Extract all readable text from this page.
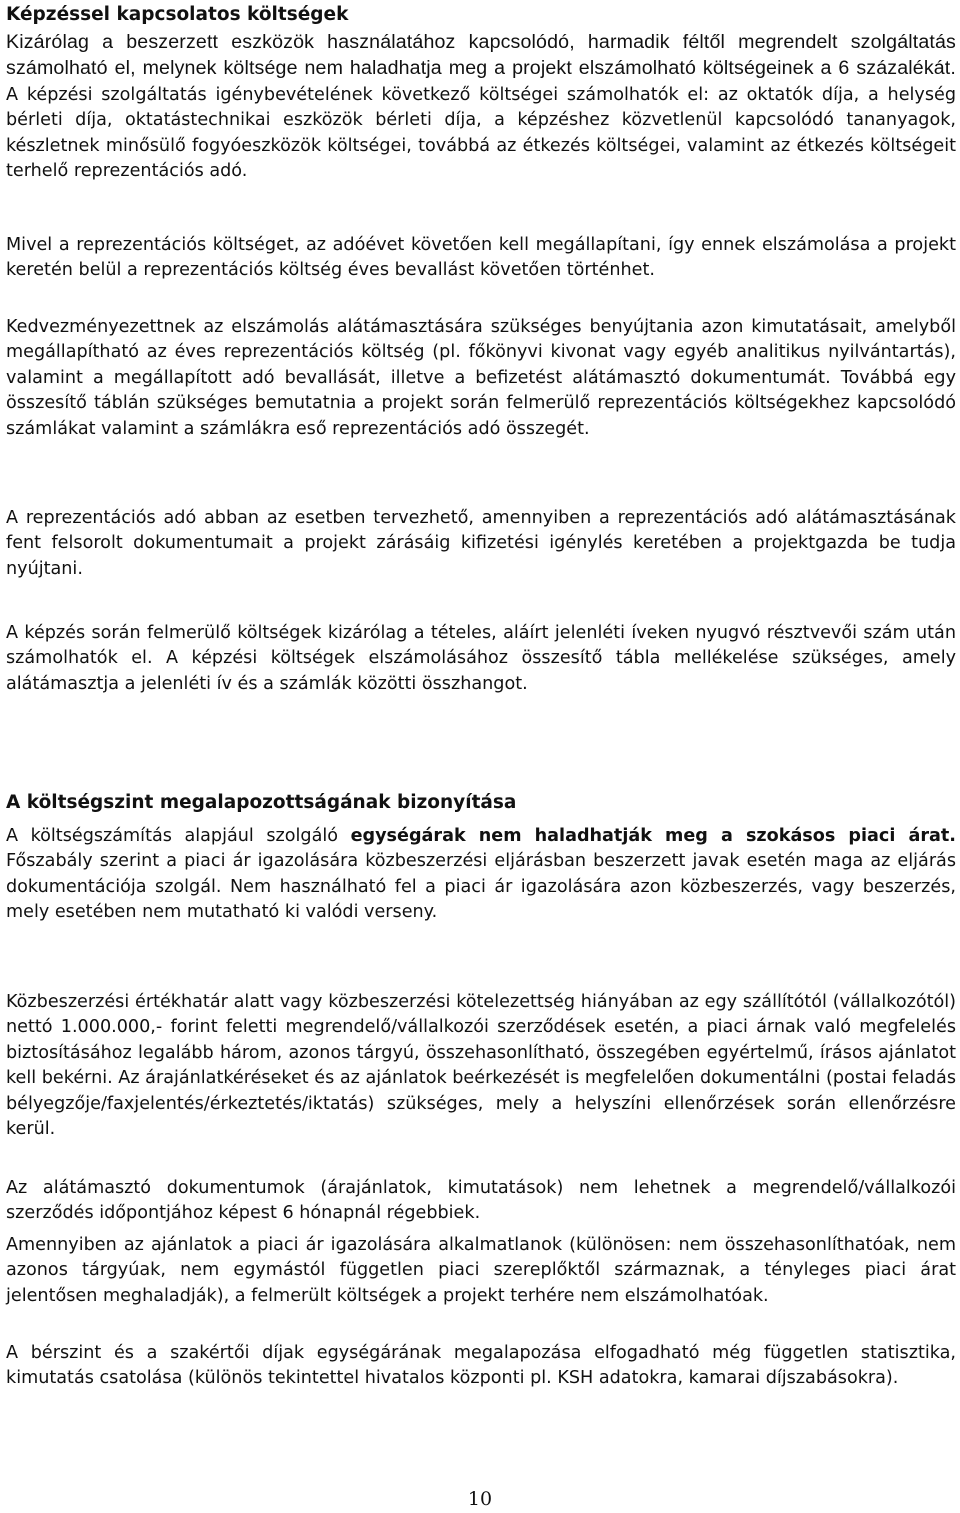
Képzéssel kapcsolatos költségek

Kizárólag a beszerzett eszközök használatához kapcsolódó, harmadik féltől megrendelt szolgáltatás számolható el, melynek költsége nem haladhatja meg a projekt elszámolható költségeinek a 6 százalékát. A képzési szolgáltatás igénybevételének következő költségei számolhatók el: az oktatók díja, a helység bérleti díja, oktatástechnikai eszközök bérleti díja, a képzéshez közvetlenül kapcsolódó tananyagok, készletnek minősülő fogyóeszközök költségei, továbbá az étkezés költségei, valamint az étkezés költségeit terhelő reprezentációs adó.

Mivel a reprezentációs költséget, az adóévet követően kell megállapítani, így ennek elszámolása a projekt keretén belül a reprezentációs költség éves bevallást követően történhet.

Kedvezményezettnek az elszámolás alátámasztására szükséges benyújtania azon kimutatásait, amelyből megállapítható az éves reprezentációs költség (pl. főkönyvi kivonat vagy egyéb analitikus nyilvántartás), valamint a megállapított adó bevallását, illetve a befizetést alátámasztó dokumentumát. Továbbá egy összesítő táblán szükséges bemutatnia a projekt során felmerülő reprezentációs költségekhez kapcsolódó számlákat valamint a számlákra eső reprezentációs adó összegét.

A reprezentációs adó abban az esetben tervezhető, amennyiben a reprezentációs adó alátámasztásának fent felsorolt dokumentumait a projekt zárásáig kifizetési igénylés keretében a projektgazda be tudja nyújtani.

A képzés során felmerülő költségek kizárólag a tételes, aláírt jelenléti íveken nyugvó résztvevői szám után számolhatók el. A képzési költségek elszámolásához összesítő tábla mellékelése szükséges, amely alátámasztja a jelenléti ív és a számlák közötti összhangot.

A költségszint megalapozottságának bizonyítása

A költségszámítás alapjául szolgáló egységárak nem haladhatják meg a szokásos piaci árat. Főszabály szerint a piaci ár igazolására közbeszerzési eljárásban beszerzett javak esetén maga az eljárás dokumentációja szolgál. Nem használható fel a piaci ár igazolására azon közbeszerzés, vagy beszerzés, mely esetében nem mutatható ki valódi verseny.

Közbeszerzési értékhatár alatt vagy közbeszerzési kötelezettség hiányában az egy szállítótól (vállalkozótól) nettó 1.000.000,- forint feletti megrendelő/vállalkozói szerződések esetén, a piaci árnak való megfelelés biztosításához legalább három, azonos tárgyú, összehasonlítható, összegében egyértelmű, írásos ajánlatot kell bekérni. Az árajánlatkéréseket és az ajánlatok beérkezését is megfelelően dokumentálni (postai feladás bélyegzője/faxjelentés/érkeztetés/iktatás) szükséges, mely a helyszíni ellenőrzések során ellenőrzésre kerül.

Az alátámasztó dokumentumok (árajánlatok, kimutatások) nem lehetnek a megrendelő/vállalkozói szerződés időpontjához képest 6 hónapnál régebbiek.

Amennyiben az ajánlatok a piaci ár igazolására alkalmatlanok (különösen: nem összehasonlíthatóak, nem azonos tárgyúak, nem egymástól független piaci szereplőktől származnak, a tényleges piaci árat jelentősen meghaladják), a felmerült költségek a projekt terhére nem elszámolhatóak.

A bérszint és a szakértői díjak egységárának megalapozása elfogadható még független statisztika, kimutatás csatolása (különös tekintettel hivatalos központi pl. KSH adatokra, kamarai díjszabásokra).

10
